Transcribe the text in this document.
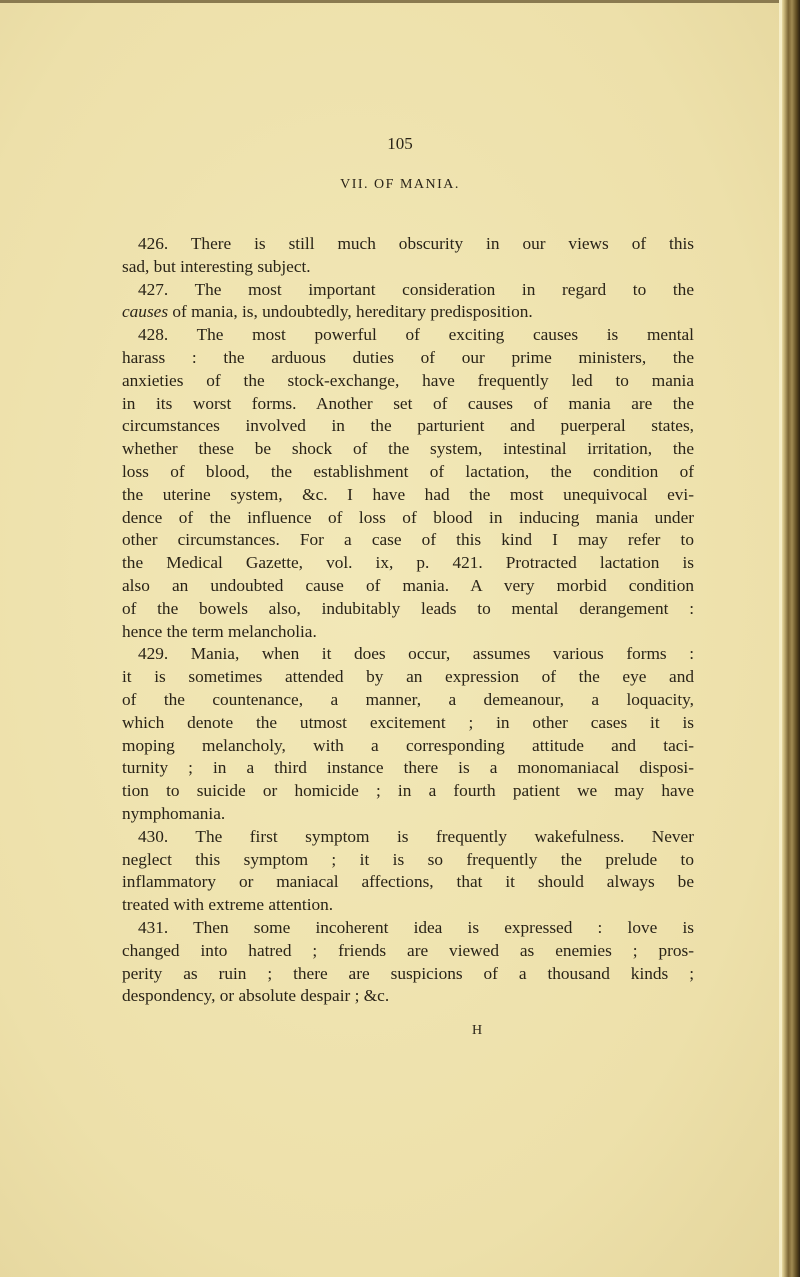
105
VII. OF MANIA.
426. There is still much obscurity in our views of this
sad, but interesting subject.
427. The most important consideration in regard to the
causes of mania, is, undoubtedly, hereditary predisposition.
428. The most powerful of exciting causes is mental
harass : the arduous duties of our prime ministers, the
anxieties of the stock-exchange, have frequently led to mania
in its worst forms. Another set of causes of mania are the
circumstances involved in the parturient and puerperal states,
whether these be shock of the system, intestinal irritation, the
loss of blood, the establishment of lactation, the condition of
the uterine system, &c. I have had the most unequivocal evi-
dence of the influence of loss of blood in inducing mania under
other circumstances. For a case of this kind I may refer to
the Medical Gazette, vol. ix, p. 421. Protracted lactation is
also an undoubted cause of mania. A very morbid condition
of the bowels also, indubitably leads to mental derangement :
hence the term melancholia.
429. Mania, when it does occur, assumes various forms :
it is sometimes attended by an expression of the eye and
of the countenance, a manner, a demeanour, a loquacity,
which denote the utmost excitement ; in other cases it is
moping melancholy, with a corresponding attitude and taci-
turnity ; in a third instance there is a monomaniacal disposi-
tion to suicide or homicide ; in a fourth patient we may have
nymphomania.
430. The first symptom is frequently wakefulness. Never
neglect this symptom ; it is so frequently the prelude to
inflammatory or maniacal affections, that it should always be
treated with extreme attention.
431. Then some incoherent idea is expressed : love is
changed into hatred ; friends are viewed as enemies ; pros-
perity as ruin ; there are suspicions of a thousand kinds ;
despondency, or absolute despair ; &c.
H
